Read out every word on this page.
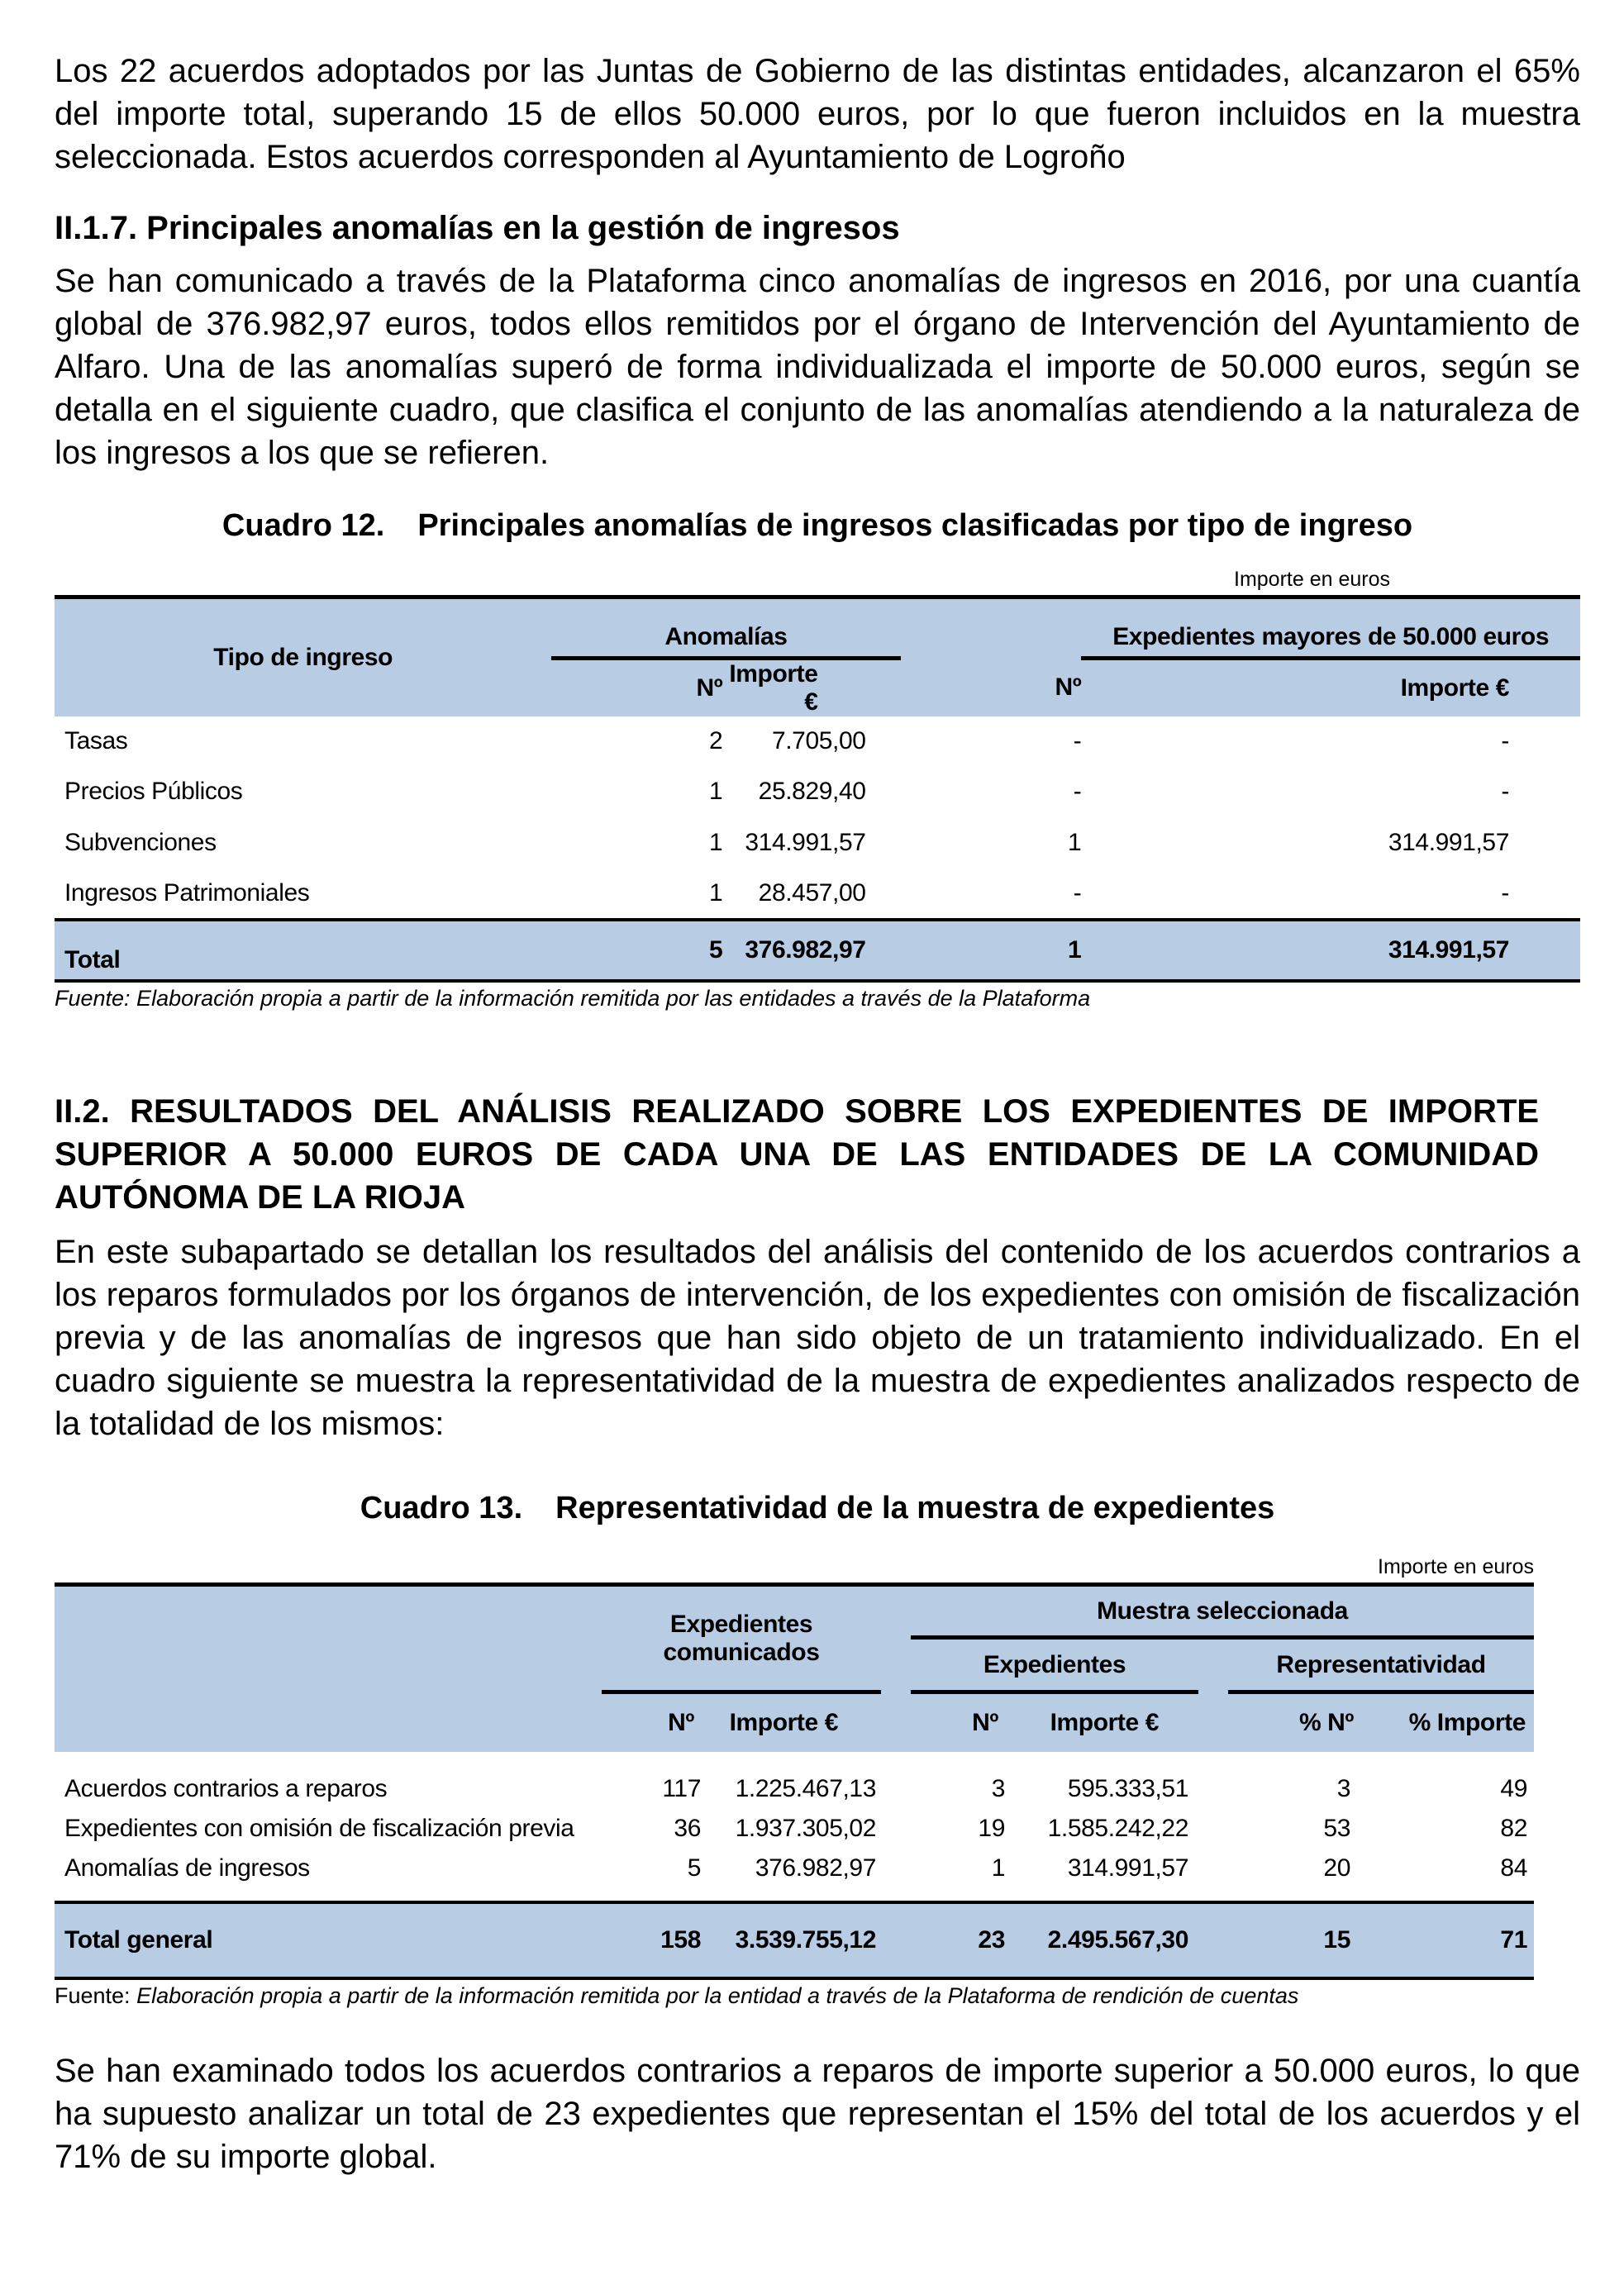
Los 22 acuerdos adoptados por las Juntas de Gobierno de las distintas entidades, alcanzaron el 65% del importe total, superando 15 de ellos 50.000 euros, por lo que fueron incluidos en la muestra seleccionada. Estos acuerdos corresponden al Ayuntamiento de Logroño

II.1.7. Principales anomalías en la gestión de ingresos

Se han comunicado a través de la Plataforma cinco anomalías de ingresos en 2016, por una cuantía global de 376.982,97 euros, todos ellos remitidos por el órgano de Intervención del Ayuntamiento de Alfaro. Una de las anomalías superó de forma individualizada el importe de 50.000 euros, según se detalla en el siguiente cuadro, que clasifica el conjunto de las anomalías atendiendo a la naturaleza de los ingresos a los que se refieren.

Cuadro 12. Principales anomalías de ingresos clasificadas por tipo de ingreso
Importe en euros
Tipo de ingreso	Anomalías			Expedientes mayores de 50.000 euros
	Nº	Importe €	Nº	Importe €
Tasas	2	7.705,00	-	-
Precios Públicos	1	25.829,40	-	-
Subvenciones	1	314.991,57	1	314.991,57
Ingresos Patrimoniales	1	28.457,00	-	-
Total	5	376.982,97	1	314.991,57
Fuente: Elaboración propia a partir de la información remitida por las entidades a través de la Plataforma
II.2. RESULTADOS DEL ANÁLISIS REALIZADO SOBRE LOS EXPEDIENTES DE IMPORTE SUPERIOR A 50.000 EUROS DE CADA UNA DE LAS ENTIDADES DE LA COMUNIDAD AUTÓNOMA DE LA RIOJA

En este subapartado se detallan los resultados del análisis del contenido de los acuerdos contrarios a los reparos formulados por los órganos de intervención, de los expedientes con omisión de fiscalización previa y de las anomalías de ingresos que han sido objeto de un tratamiento individualizado. En el cuadro siguiente se muestra la representatividad de la muestra de expedientes analizados respecto de la totalidad de los mismos:

Cuadro 13. Representatividad de la muestra de expedientes
Importe en euros
	Expedientes comunicados			Muestra seleccionada				
				Expedientes			Representatividad	
	Nº	Importe €		Nº	Importe €		% Nº	% Importe
Acuerdos contrarios a reparos	117	1.225.467,13		3	595.333,51		3	49
Expedientes con omisión de fiscalización previa	36	1.937.305,02		19	1.585.242,22		53	82
Anomalías de ingresos	5	376.982,97		1	314.991,57		20	84
Total general	158	3.539.755,12		23	2.495.567,30		15	71
Fuente: Elaboración propia a partir de la información remitida por la entidad a través de la Plataforma de rendición de cuentas

Se han examinado todos los acuerdos contrarios a reparos de importe superior a 50.000 euros, lo que ha supuesto analizar un total de 23 expedientes que representan el 15% del total de los acuerdos y el 71% de su importe global.
